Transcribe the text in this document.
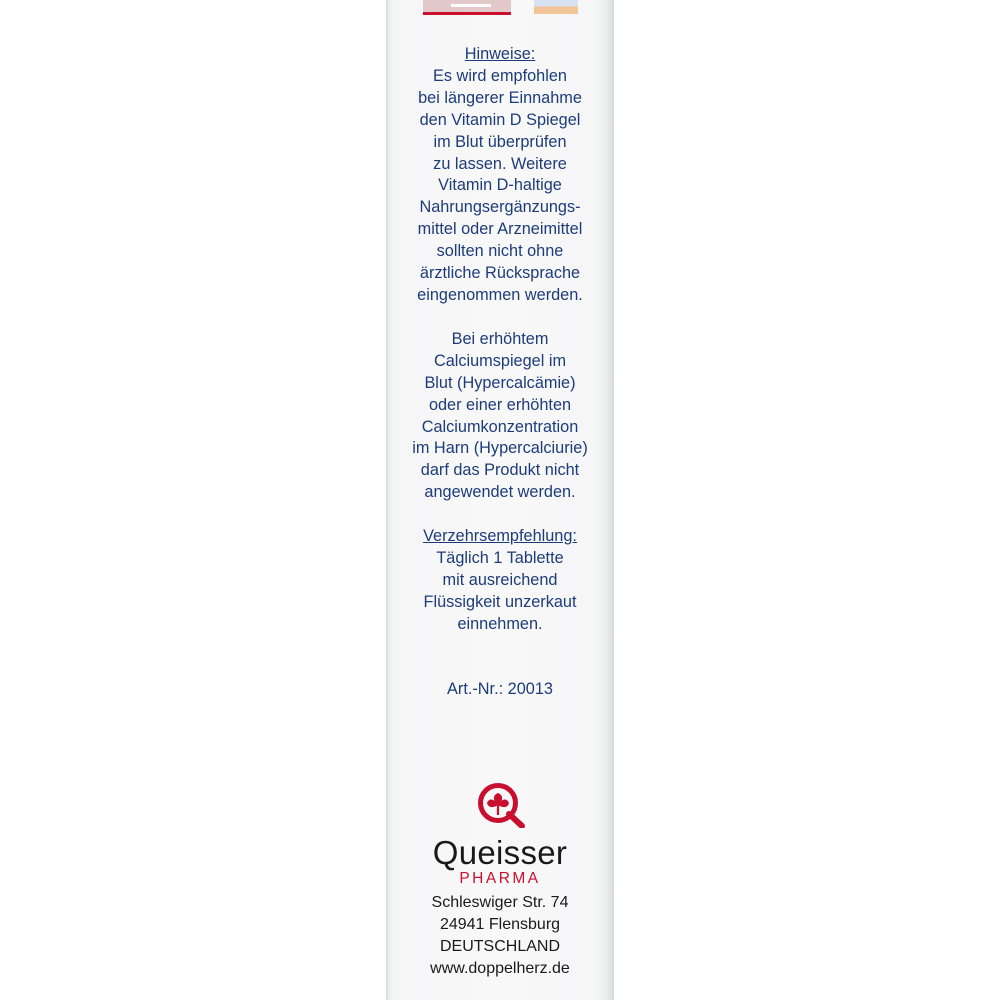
Hinweise:
Es wird empfohlen
bei längerer Einnahme
den Vitamin D Spiegel
im Blut überprüfen
zu lassen. Weitere
Vitamin D-haltige
Nahrungsergänzungs-
mittel oder Arzneimittel
sollten nicht ohne
ärztliche Rücksprache
eingenommen werden.
Bei erhöhtem
Calciumspiegel im
Blut (Hypercalcämie)
oder einer erhöhten
Calciumkonzentration
im Harn (Hypercalciurie)
darf das Produkt nicht
angewendet werden.
Verzehrsempfehlung:
Täglich 1 Tablette
mit ausreichend
Flüssigkeit unzerkaut
einnehmen.
Art.-Nr.: 20013
Queisser
PHARMA
Schleswiger Str. 74
24941 Flensburg
DEUTSCHLAND
www.doppelherz.de
